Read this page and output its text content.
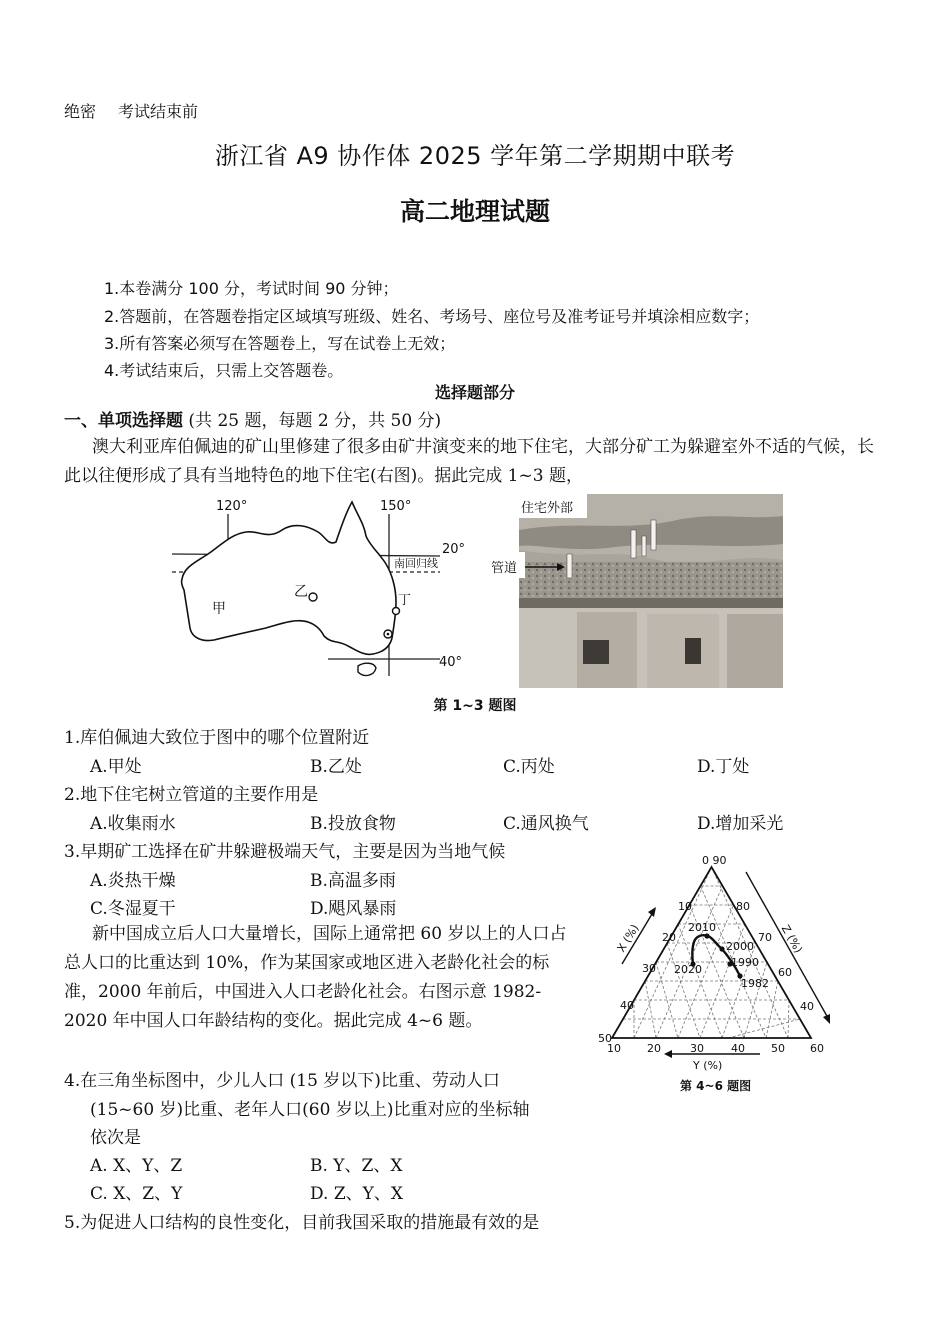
绝密 考试结束前
浙江省 A9 协作体 2025 学年第二学期期中联考
高二地理试题
1.本卷满分 100 分，考试时间 90 分钟；
2.答题前，在答题卷指定区域填写班级、姓名、考场号、座位号及准考证号并填涂相应数字；
3.所有答案必须写在答题卷上，写在试卷上无效；
4.考试结束后，只需上交答题卷。
选择题部分
一、单项选择题 (共 25 题，每题 2 分，共 50 分)
澳大利亚库伯佩迪的矿山里修建了很多由矿井演变来的地下住宅，大部分矿工为躲避室外不适的气候，长此以往便形成了具有当地特色的地下住宅(右图)。据此完成 1~3 题，
120°	150°
20°
南回归线
40°
甲
乙
丁
住宅外部
管道
第 1~3 题图
1.库伯佩迪大致位于图中的哪个位置附近
A.甲处	B.乙处	C.丙处	D.丁处
2.地下住宅树立管道的主要作用是
A.收集雨水	B.投放食物	C.通风换气	D.增加采光
3.早期矿工选择在矿井躲避极端天气，主要是因为当地气候
A.炎热干燥	B.高温多雨
C.冬湿夏干	D.飓风暴雨
新中国成立后人口大量增长，国际上通常把 60 岁以上的人口占总人口的比重达到 10%，作为某国家或地区进入老龄化社会的标准，2000 年前后，中国进入人口老龄化社会。右图示意 1982-2020 年中国人口年龄结构的变化。据此完成 4~6 题。
4.在三角坐标图中，少儿人口 (15 岁以下)比重、劳动人口
(15~60 岁)比重、老年人口(60 岁以上)比重对应的坐标轴
依次是
A. X、Y、Z	B. Y、Z、X
C. X、Z、Y	D. Z、Y、X
5.为促进人口结构的良性变化，目前我国采取的措施最有效的是
0 90
X (%)	Z (%)
Y (%)
10
20
30
40
50
10 20	30 40 50 60
80
70
60
40
2010
2000
1990
2020
1982
第 4~6 题图
